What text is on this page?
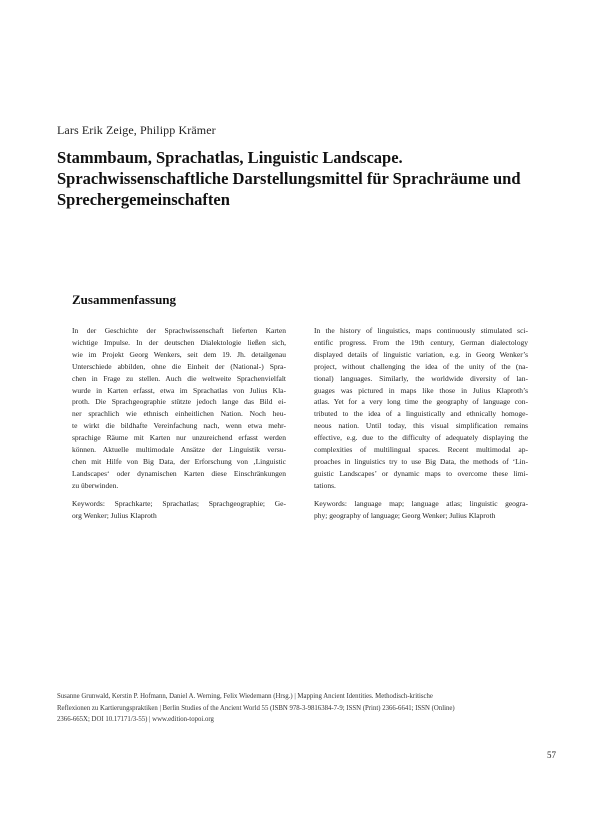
Lars Erik Zeige, Philipp Krämer
Stammbaum, Sprachatlas, Linguistic Landscape.
Sprachwissenschaftliche Darstellungsmittel für Sprachräume und
Sprechergemeinschaften
Zusammenfassung

In der Geschichte der Sprachwissenschaft lieferten Karten
wichtige Impulse. In der deutschen Dialektologie ließen sich,
wie im Projekt Georg Wenkers, seit dem 19. Jh. detailgenau
Unterschiede abbilden, ohne die Einheit der (National-) Spra-
chen in Frage zu stellen. Auch die weltweite Sprachenvielfalt
wurde in Karten erfasst, etwa im Sprachatlas von Julius Kla-
proth. Die Sprachgeographie stützte jedoch lange das Bild ei-
ner sprachlich wie ethnisch einheitlichen Nation. Noch heu-
te wirkt die bildhafte Vereinfachung nach, wenn etwa mehr-
sprachige Räume mit Karten nur unzureichend erfasst werden
können. Aktuelle multimodale Ansätze der Linguistik versu-
chen mit Hilfe von Big Data, der Erforschung von ‚Linguistic
Landscapes‘ oder dynamischen Karten diese Einschränkungen
zu überwinden.

Keywords: Sprachkarte; Sprachatlas; Sprachgeographie; Ge-
org Wenker; Julius Klaproth

In the history of linguistics, maps continuously stimulated sci-
entific progress. From the 19th century, German dialectology
displayed details of linguistic variation, e.g. in Georg Wenker’s
project, without challenging the idea of the unity of the (na-
tional) languages. Similarly, the worldwide diversity of lan-
guages was pictured in maps like those in Julius Klaproth’s
atlas. Yet for a very long time the geography of language con-
tributed to the idea of a linguistically and ethnically homoge-
neous nation. Until today, this visual simplification remains
effective, e.g. due to the difficulty of adequately displaying the
complexities of multilingual spaces. Recent multimodal ap-
proaches in linguistics try to use Big Data, the methods of ‘Lin-
guistic Landscapes’ or dynamic maps to overcome these limi-
tations.

Keywords: language map; language atlas; linguistic geogra-
phy; geography of language; Georg Wenker; Julius Klaproth

Susanne Grunwald, Kerstin P. Hofmann, Daniel A. Werning, Felix Wiedemann (Hrsg.) | Mapping Ancient Identities. Methodisch-kritische
Reflexionen zu Kartierungspraktiken | Berlin Studies of the Ancient World 55 (ISBN 978-3-9816384-7-9; ISSN (Print) 2366-6641; ISSN (Online)
2366-665X; DOI 10.17171/3-55) | www.edition-topoi.org
57
